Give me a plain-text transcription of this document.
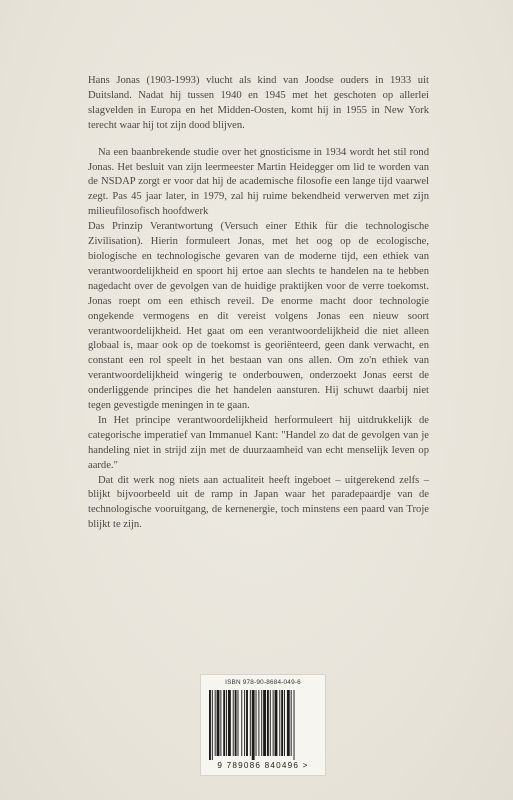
Hans Jonas (1903-1993) vlucht als kind van Joodse ouders in 1933 uit Duitsland. Nadat hij tussen 1940 en 1945 met het geschoten op allerlei slagvelden in Europa en het Midden-Oosten, komt hij in 1955 in New York terecht waar hij tot zijn dood blijven.

Na een baanbrekende studie over het gnosticisme in 1934 wordt het stil rond Jonas. Het besluit van zijn leermeester Martin Heidegger om lid te worden van de NSDAP zorgt er voor dat hij de academische filosofie een lange tijd vaarwel zegt. Pas 45 jaar later, in 1979, zal hij ruime bekendheid verwerven met zijn milieufilosofisch hoofdwerk

Das Prinzip Verantwortung (Versuch einer Ethik für die technologische Zivilisation). Hierin formuleert Jonas, met het oog op de ecologische, biologische en technologische gevaren van de moderne tijd, een ethiek van verantwoordelijkheid en spoort hij ertoe aan slechts te handelen na te hebben nagedacht over de gevolgen van de huidige praktijken voor de verre toekomst. Jonas roept om een ethisch reveil. De enorme macht door technologie ongekende vermogens en dit vereist volgens Jonas een nieuw soort verantwoordelijkheid. Het gaat om een verantwoordelijkheid die niet alleen globaal is, maar ook op de toekomst is georiënteerd, geen dank verwacht, en constant een rol speelt in het bestaan van ons allen. Om zo'n ethiek van verantwoordelijkheid wingerig te onderbouwen, onderzoekt Jonas eerst de onderliggende principes die het handelen aansturen. Hij schuwt daarbij niet tegen gevestigde meningen in te gaan.

In Het principe verantwoordelijkheid herformuleert hij uitdrukkelijk de categorische imperatief van Immanuel Kant: "Handel zo dat de gevolgen van je handeling niet in strijd zijn met de duurzaamheid van echt menselijk leven op aarde."

Dat dit werk nog niets aan actualiteit heeft ingeboet – uitgerekend zelfs – blijkt bijvoorbeeld uit de ramp in Japan waar het paradepaardje van de technologische vooruitgang, de kernenergie, toch minstens een paard van Troje blijkt te zijn.

ISBN 978-90-8684-049-6
9 789086 840496 >
